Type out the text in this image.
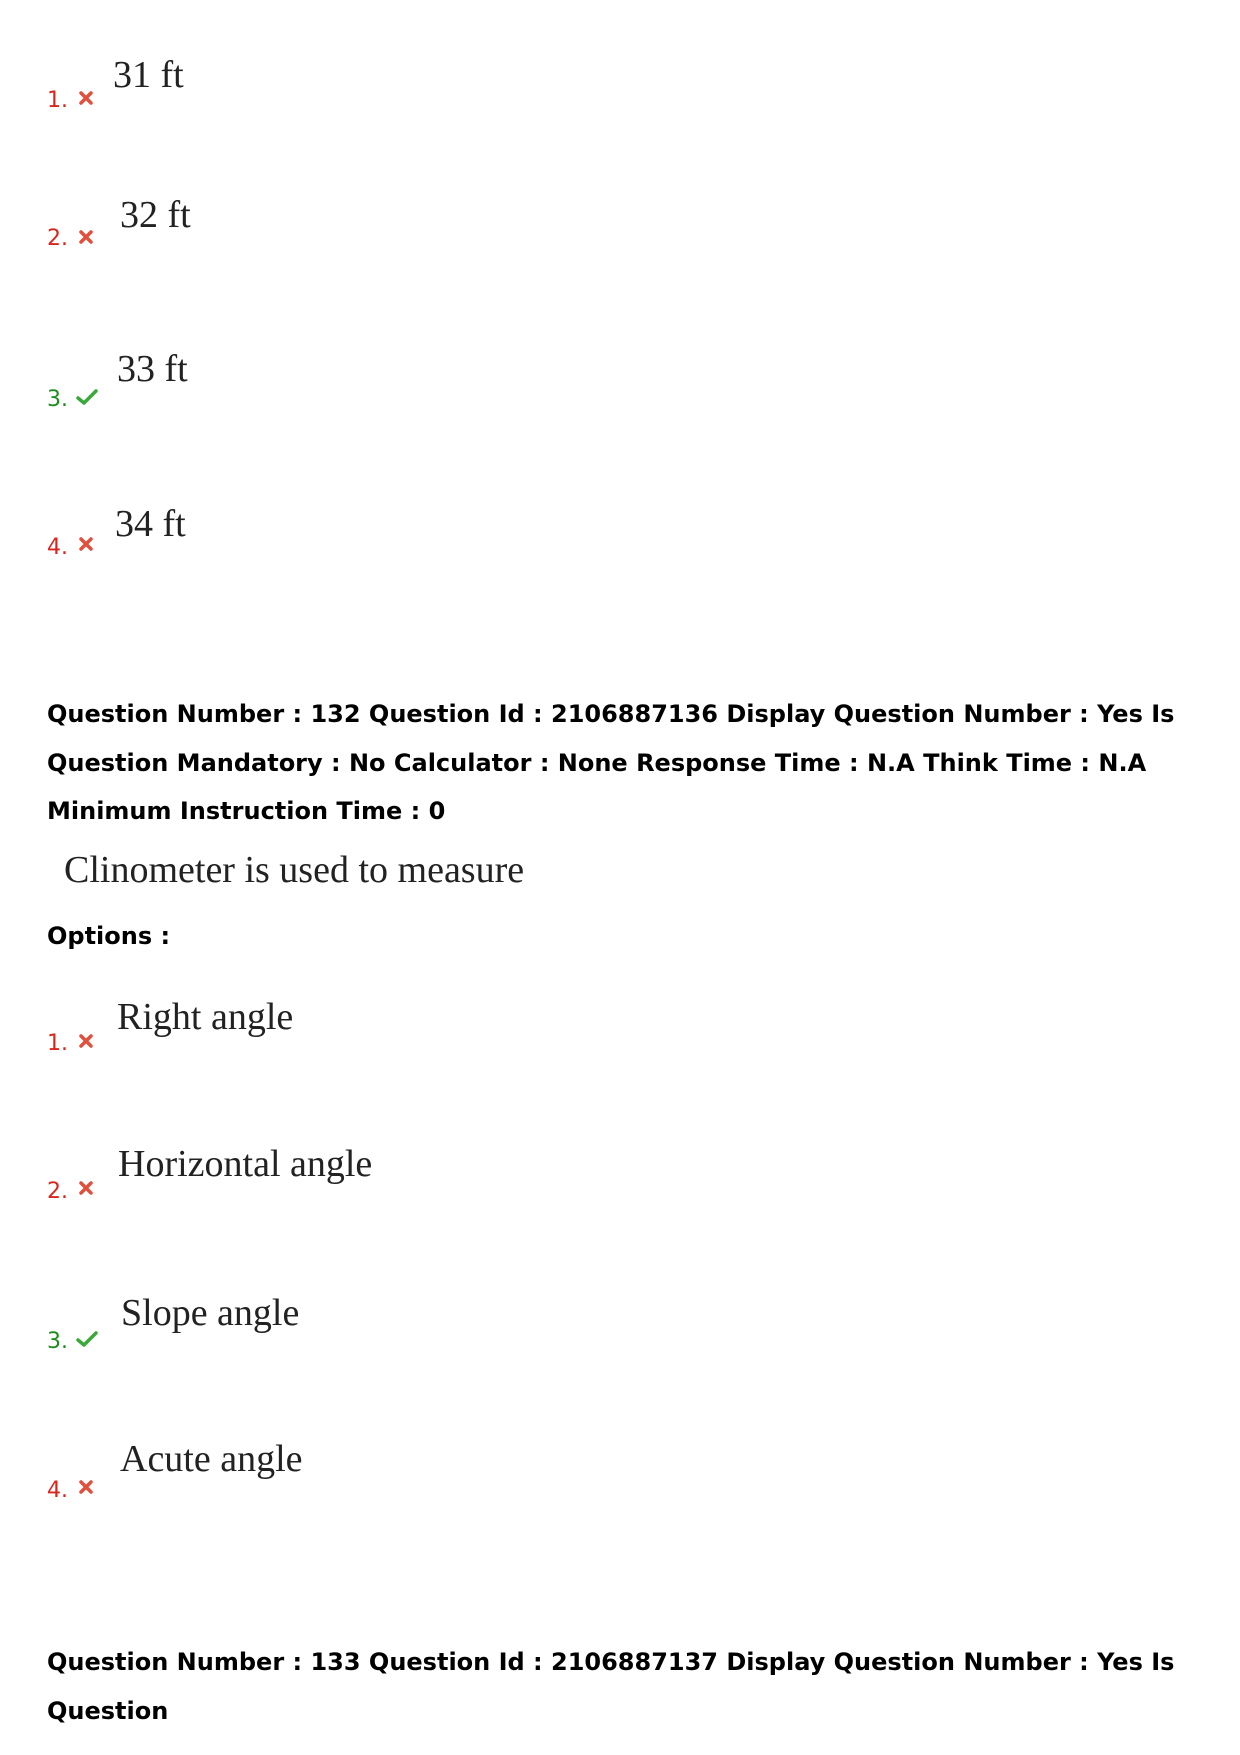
1.
31 ft
2.
32 ft
3.
33 ft
4.
34 ft
Question Number : 132 Question Id : 2106887136 Display Question Number : Yes Is Question Mandatory : No Calculator : None Response Time : N.A Think Time : N.A Minimum Instruction Time : 0
Clinometer is used to measure
Options :
1.
Right angle
2.
Horizontal angle
3.
Slope angle
4.
Acute angle
Question Number : 133 Question Id : 2106887137 Display Question Number : Yes Is Question
